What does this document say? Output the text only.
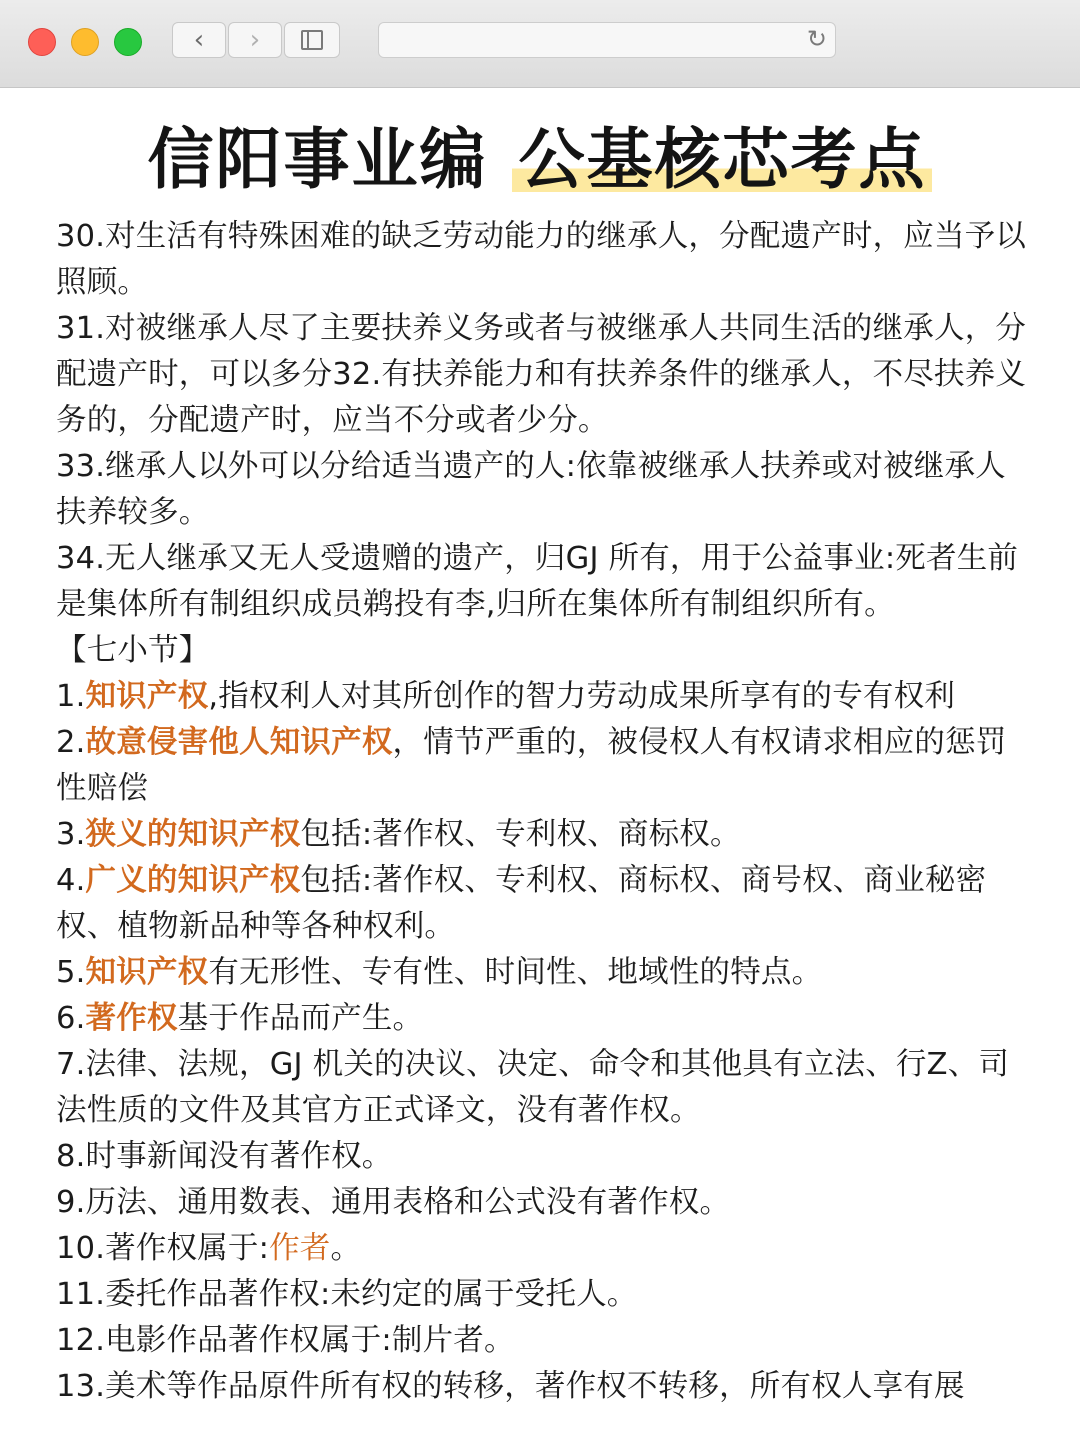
‹ ›	↻
信阳事业编 公基核芯考点

30.对生活有特殊困难的缺乏劳动能力的继承人，分配遗产时，应当予以照顾。

31.对被继承人尽了主要扶养义务或者与被继承人共同生活的继承人，分配遗产时，可以多分32.有扶养能力和有扶养条件的继承人，不尽扶养义务的，分配遗产时，应当不分或者少分。

33.继承人以外可以分给适当遗产的人:依靠被继承人扶养或对被继承人扶养较多。

34.无人继承又无人受遗赠的遗产，归GJ 所有，用于公益事业:死者生前是集体所有制组织成员鹈投有李,归所在集体所有制组织所有。

【七小节】

1.知识产权,指权利人对其所创作的智力劳动成果所享有的专有权利

2.故意侵害他人知识产权，情节严重的，被侵权人有权请求相应的惩罚性赔偿

3.狭义的知识产权包括:著作权、专利权、商标权。

4.广义的知识产权包括:著作权、专利权、商标权、商号权、商业秘密权、植物新品种等各种权利。

5.知识产权有无形性、专有性、时间性、地域性的特点。

6.著作权基于作品而产生。

7.法律、法规，GJ 机关的决议、决定、命令和其他具有立法、行Z、司法性质的文件及其官方正式译文，没有著作权。

8.时事新闻没有著作权。

9.历法、通用数表、通用表格和公式没有著作权。

10.著作权属于:作者。

11.委托作品著作权:未约定的属于受托人。

12.电影作品著作权属于:制片者。

13.美术等作品原件所有权的转移，著作权不转移，所有权人享有展
